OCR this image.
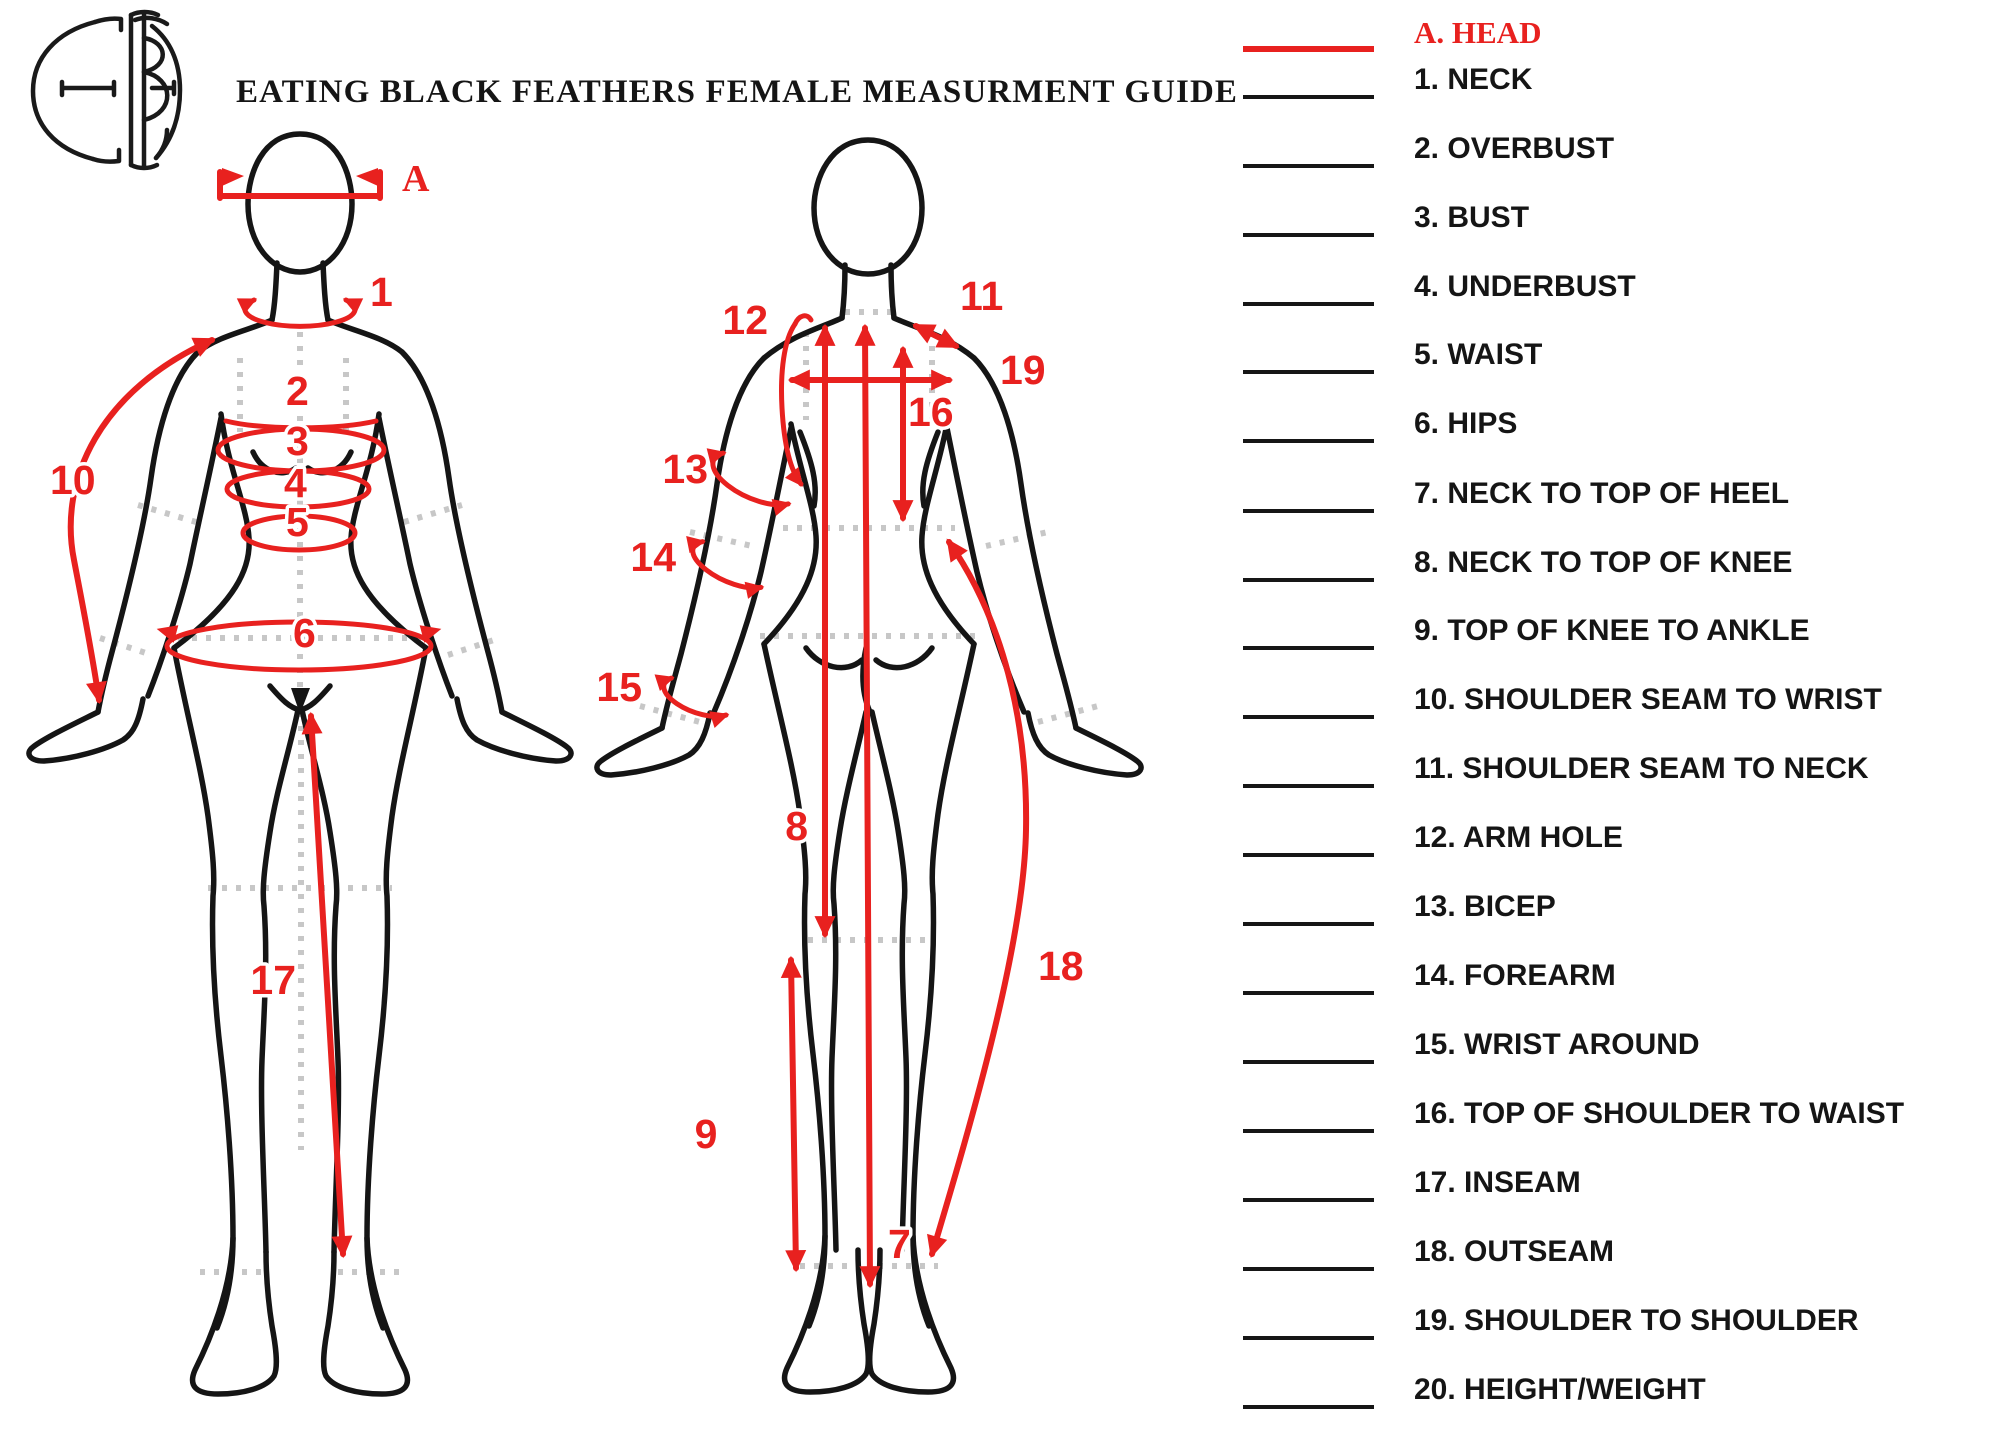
A
1
2
3
4
5
6
10
17
7
8
9
11
12
13
14
15
16
18
19
EATING BLACK FEATHERS FEMALE MEASURMENT GUIDE
A. HEAD
1. NECK
2. OVERBUST
3. BUST
4. UNDERBUST
5. WAIST
6. HIPS
7. NECK TO TOP OF HEEL
8. NECK TO TOP OF KNEE
9. TOP OF KNEE TO ANKLE
10. SHOULDER SEAM TO WRIST
11. SHOULDER SEAM TO NECK
12. ARM HOLE
13. BICEP
14. FOREARM
15. WRIST AROUND
16. TOP OF SHOULDER TO WAIST
17. INSEAM
18. OUTSEAM
19. SHOULDER TO SHOULDER
20. HEIGHT/WEIGHT
